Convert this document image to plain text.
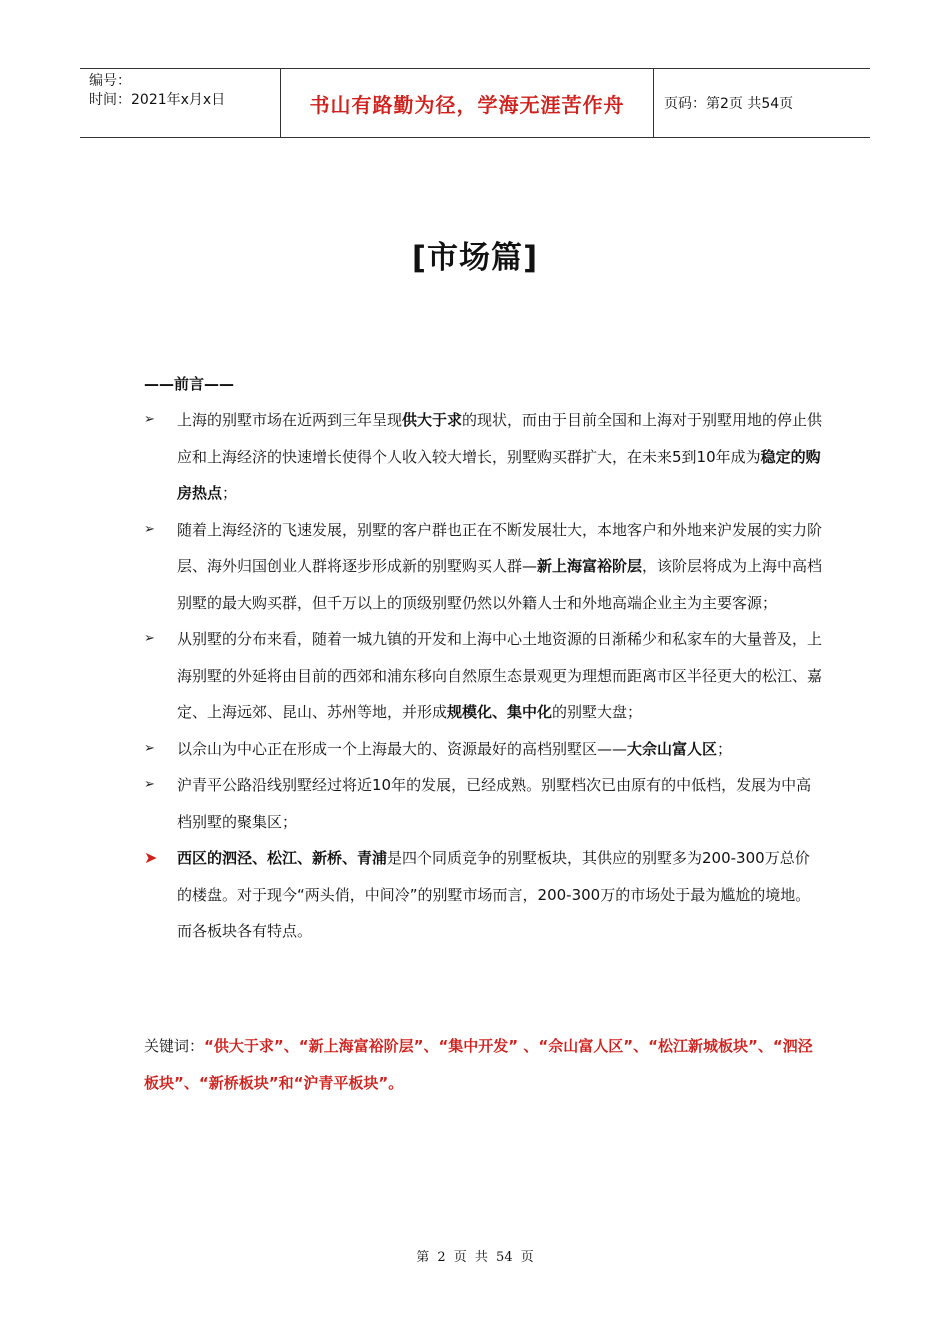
编号：
时间：2021年x月x日	书山有路勤为径，学海无涯苦作舟	页码：第2页 共54页
[市场篇]
——前言——
➢ 上海的别墅市场在近两到三年呈现供大于求的现状，而由于目前全国和上海对于别墅用地的停止供应和上海经济的快速增长使得个人收入较大增长，别墅购买群扩大，在未来5到10年成为稳定的购房热点；
➢ 随着上海经济的飞速发展，别墅的客户群也正在不断发展壮大，本地客户和外地来沪发展的实力阶层、海外归国创业人群将逐步形成新的别墅购买人群—新上海富裕阶层，该阶层将成为上海中高档别墅的最大购买群，但千万以上的顶级别墅仍然以外籍人士和外地高端企业主为主要客源；
➢ 从别墅的分布来看，随着一城九镇的开发和上海中心土地资源的日渐稀少和私家车的大量普及，上海别墅的外延将由目前的西郊和浦东移向自然原生态景观更为理想而距离市区半径更大的松江、嘉定、上海远郊、昆山、苏州等地，并形成规模化、集中化的别墅大盘；
➢ 以佘山为中心正在形成一个上海最大的、资源最好的高档别墅区——大佘山富人区；
➢ 沪青平公路沿线别墅经过将近10年的发展，已经成熟。别墅档次已由原有的中低档，发展为中高档别墅的聚集区；
➤ 西区的泗泾、松江、新桥、青浦是四个同质竞争的别墅板块，其供应的别墅多为200-300万总价的楼盘。对于现今“两头俏，中间冷”的别墅市场而言，200-300万的市场处于最为尴尬的境地。而各板块各有特点。
关键词：“供大于求”、“新上海富裕阶层”、“集中开发” 、“佘山富人区”、“松江新城板块”、“泗泾板块”、“新桥板块”和“沪青平板块”。
第 2 页 共 54 页
